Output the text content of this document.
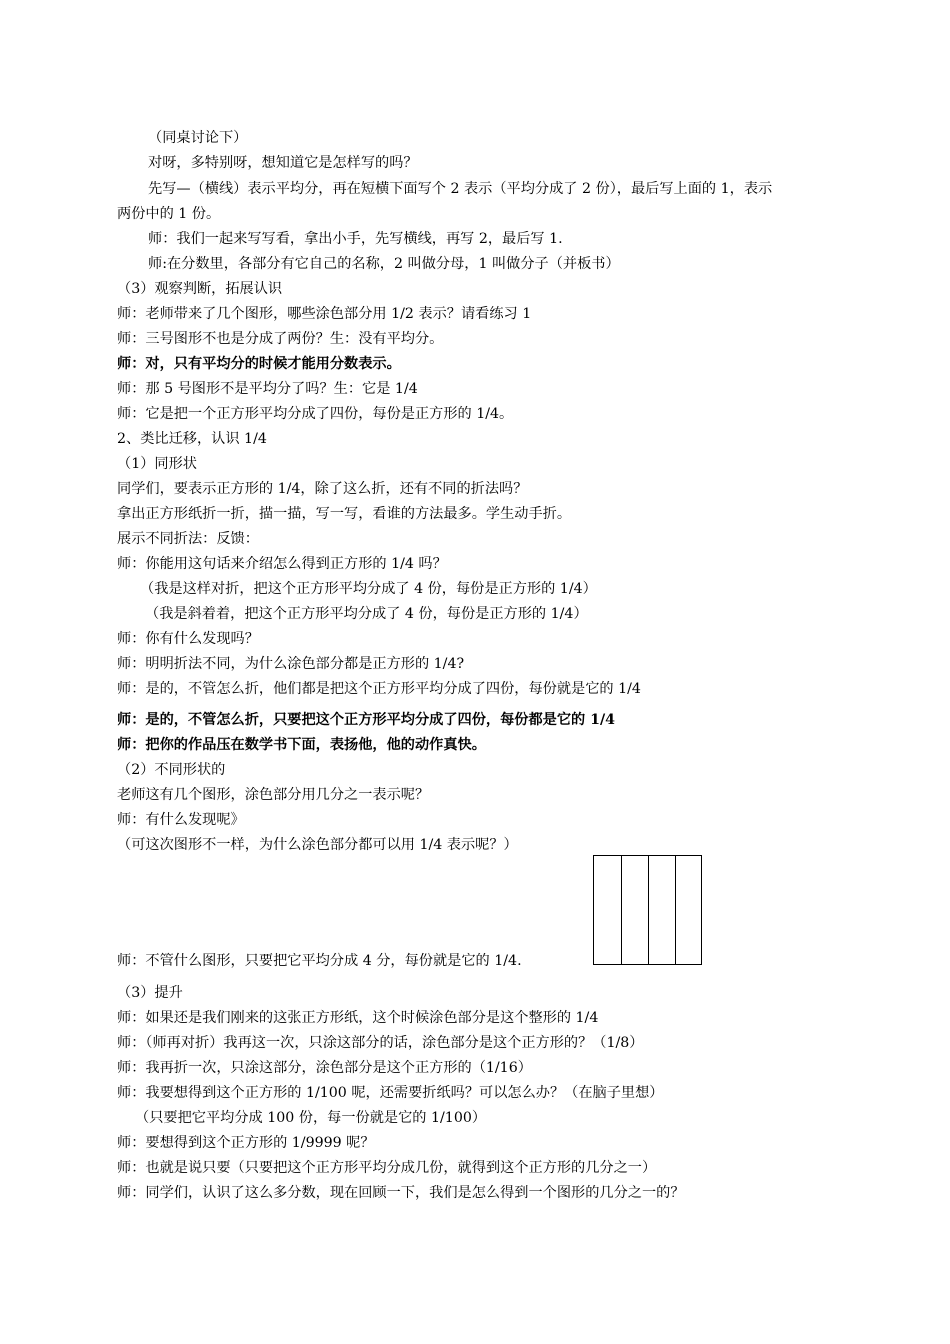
（同桌讨论下）
对呀，多特别呀，想知道它是怎样写的吗？
先写—（横线）表示平均分，再在短横下面写个 2 表示（平均分成了 2 份），最后写上面的 1，表示
两份中的 1 份。
师：我们一起来写写看，拿出小手，先写横线，再写 2，最后写 1.
师:在分数里，各部分有它自己的名称，2 叫做分母，1 叫做分子（并板书）
（3）观察判断，拓展认识
师：老师带来了几个图形，哪些涂色部分用 1/2 表示？请看练习 1
师：三号图形不也是分成了两份？生：没有平均分。
师：对，只有平均分的时候才能用分数表示。
师：那 5 号图形不是平均分了吗？生：它是 1/4
师：它是把一个正方形平均分成了四份，每份是正方形的 1/4。
2、类比迁移，认识 1/4
（1）同形状
同学们，要表示正方形的 1/4，除了这么折，还有不同的折法吗？
拿出正方形纸折一折，描一描，写一写，看谁的方法最多。学生动手折。
展示不同折法：反馈：
师：你能用这句话来介绍怎么得到正方形的 1/4 吗？
（我是这样对折，把这个正方形平均分成了 4 份，每份是正方形的 1/4）
（我是斜着着，把这个正方形平均分成了 4 份，每份是正方形的 1/4）
师：你有什么发现吗？
师：明明折法不同，为什么涂色部分都是正方形的 1/4?
师：是的，不管怎么折，他们都是把这个正方形平均分成了四份，每份就是它的 1/4
师：是的，不管怎么折，只要把这个正方形平均分成了四份，每份都是它的 1/4
师：把你的作品压在数学书下面，表扬他，他的动作真快。
（2）不同形状的
老师这有几个图形，涂色部分用几分之一表示呢？
师：有什么发现呢》
（可这次图形不一样，为什么涂色部分都可以用 1/4 表示呢？）
师：不管什么图形，只要把它平均分成 4 分，每份就是它的 1/4.
（3）提升
师：如果还是我们刚来的这张正方形纸，这个时候涂色部分是这个整形的 1/4
师：（师再对折）我再这一次，只涂这部分的话，涂色部分是这个正方形的？（1/8）
师：我再折一次，只涂这部分，涂色部分是这个正方形的（1/16）
师：我要想得到这个正方形的 1/100 呢，还需要折纸吗？可以怎么办？（在脑子里想）
（只要把它平均分成 100 份，每一份就是它的 1/100）
师：要想得到这个正方形的 1/9999 呢？
师：也就是说只要（只要把这个正方形平均分成几份，就得到这个正方形的几分之一）
师：同学们，认识了这么多分数，现在回顾一下，我们是怎么得到一个图形的几分之一的？
